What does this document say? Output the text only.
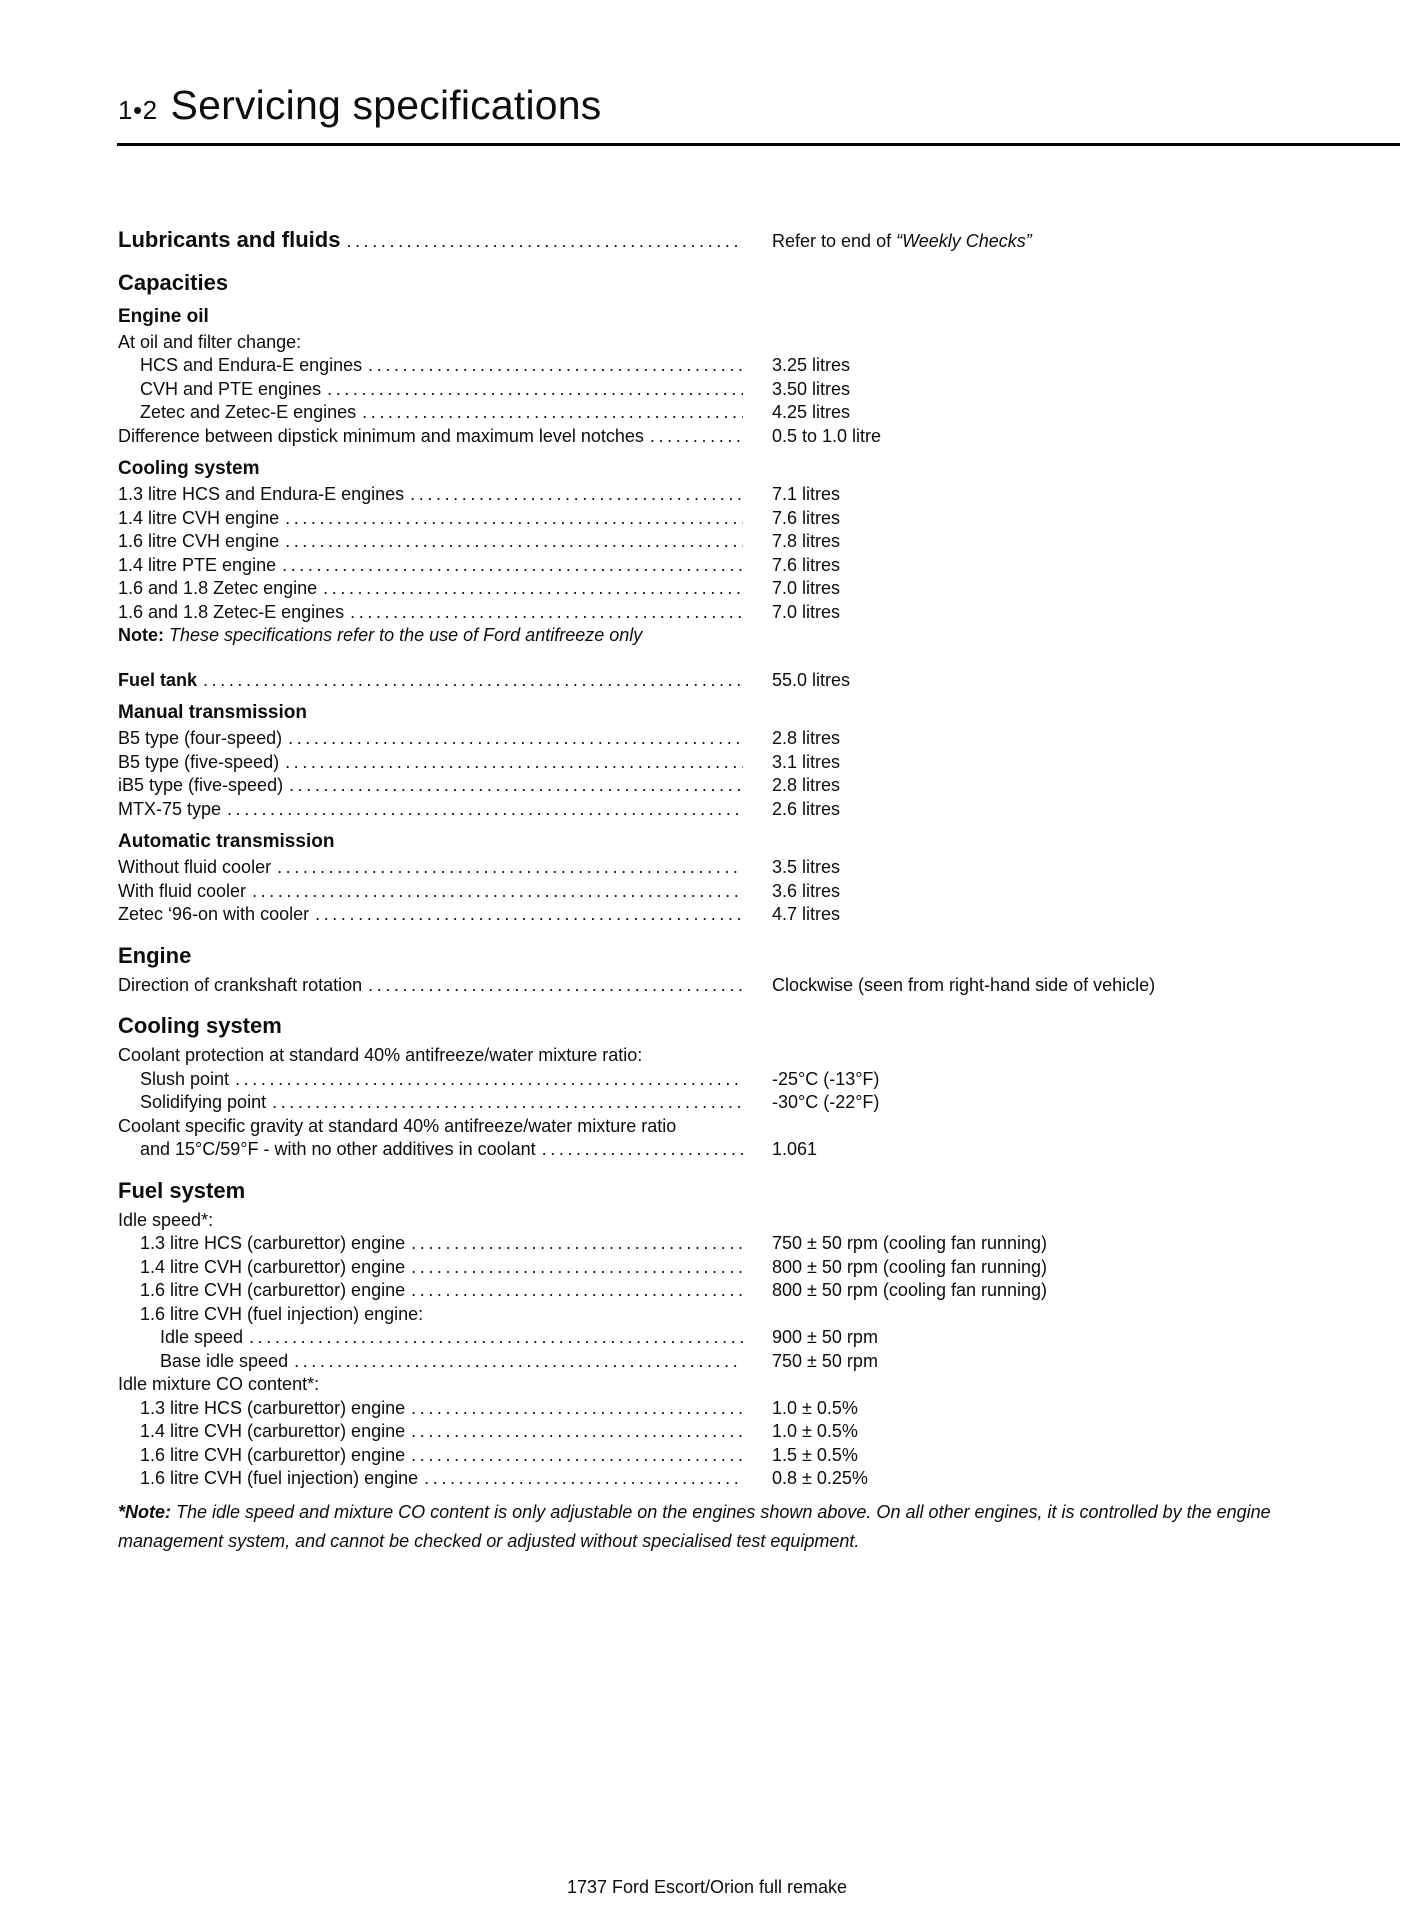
1•2 Servicing specifications
Lubricants and fluids .....	Refer to end of “Weekly Checks”
Capacities
Engine oil
At oil and filter change:
HCS and Endura-E engines .....	3.25 litres
CVH and PTE engines .....	3.50 litres
Zetec and Zetec-E engines .....	4.25 litres
Difference between dipstick minimum and maximum level notches .....	0.5 to 1.0 litre
Cooling system
1.3 litre HCS and Endura-E engines .....	7.1 litres
1.4 litre CVH engine .....	7.6 litres
1.6 litre CVH engine .....	7.8 litres
1.4 litre PTE engine .....	7.6 litres
1.6 and 1.8 Zetec engine .....	7.0 litres
1.6 and 1.8 Zetec-E engines .....	7.0 litres
Note: These specifications refer to the use of Ford antifreeze only
Fuel tank .....	55.0 litres
Manual transmission
B5 type (four-speed) .....	2.8 litres
B5 type (five-speed) .....	3.1 litres
iB5 type (five-speed) .....	2.8 litres
MTX-75 type .....	2.6 litres
Automatic transmission
Without fluid cooler .....	3.5 litres
With fluid cooler .....	3.6 litres
Zetec ‘96-on with cooler .....	4.7 litres
Engine
Direction of crankshaft rotation .....	Clockwise (seen from right-hand side of vehicle)
Cooling system
Coolant protection at standard 40% antifreeze/water mixture ratio:
Slush point .....	-25°C (-13°F)
Solidifying point .....	-30°C (-22°F)
Coolant specific gravity at standard 40% antifreeze/water mixture ratio
and 15°C/59°F - with no other additives in coolant .....	1.061
Fuel system
Idle speed*:
1.3 litre HCS (carburettor) engine .....	750 ± 50 rpm (cooling fan running)
1.4 litre CVH (carburettor) engine .....	800 ± 50 rpm (cooling fan running)
1.6 litre CVH (carburettor) engine .....	800 ± 50 rpm (cooling fan running)
1.6 litre CVH (fuel injection) engine:
Idle speed .....	900 ± 50 rpm
Base idle speed .....	750 ± 50 rpm
Idle mixture CO content*:
1.3 litre HCS (carburettor) engine .....	1.0 ± 0.5%
1.4 litre CVH (carburettor) engine .....	1.0 ± 0.5%
1.6 litre CVH (carburettor) engine .....	1.5 ± 0.5%
1.6 litre CVH (fuel injection) engine .....	0.8 ± 0.25%
*Note: The idle speed and mixture CO content is only adjustable on the engines shown above. On all other engines, it is controlled by the engine
management system, and cannot be checked or adjusted without specialised test equipment.
1737 Ford Escort/Orion full remake
